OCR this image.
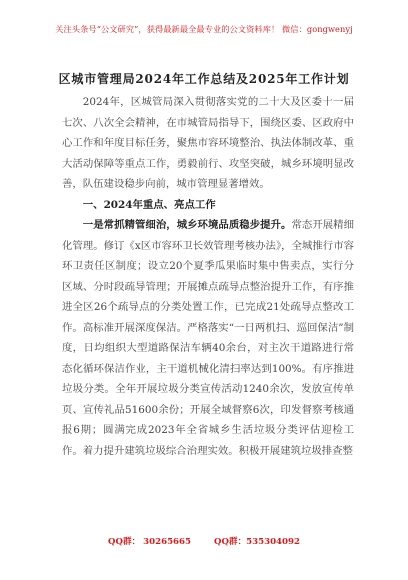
关注头条号“公文研究”，获得最新最全最专业的公文资料库！ 微信：gongwenyj
区城市管理局2024年工作总结及2025年工作计划

2024年，区城管局深入贯彻落实党的二十大及区委十一届七次、八次全会精神，在市城管局指导下，围绕区委、区政府中心工作和年度目标任务，聚焦市容环境整治、执法体制改革、重大活动保障等重点工作，勇毅前行、攻坚突破，城乡环境明显改善，队伍建设稳步向前，城市管理显著增效。

一、2024年重点、亮点工作

一是常抓精管细治，城乡环境品质稳步提升。常态开展精细化管理。修订《x区市容环卫长效管理考核办法》，全城推行市容环卫责任区制度；设立20个夏季瓜果临时集中售卖点，实行分区域、分时段疏导管理；开展摊点疏导点整治提升工作，有序推进全区26个疏导点的分类处置工作，已完成21处疏导点整改工作。高标准开展深度保洁。严格落实“一日两机扫、巡回保洁”制度，日均组织大型道路保洁车辆40余台，对主次干道路进行常态化循环保洁作业，主干道机械化清扫率达到100%。有序推进垃圾分类。全年开展垃圾分类宣传活动1240余次，发放宣传单页、宣传礼品51600余份；开展全域督察6次，印发督察考核通报6期；圆满完成2023年全省城乡生活垃圾分类评估迎检工作。着力提升建筑垃圾综合治理实效。积极开展建筑垃圾排查整

QQ群： 30265665	QQ群：535304092
